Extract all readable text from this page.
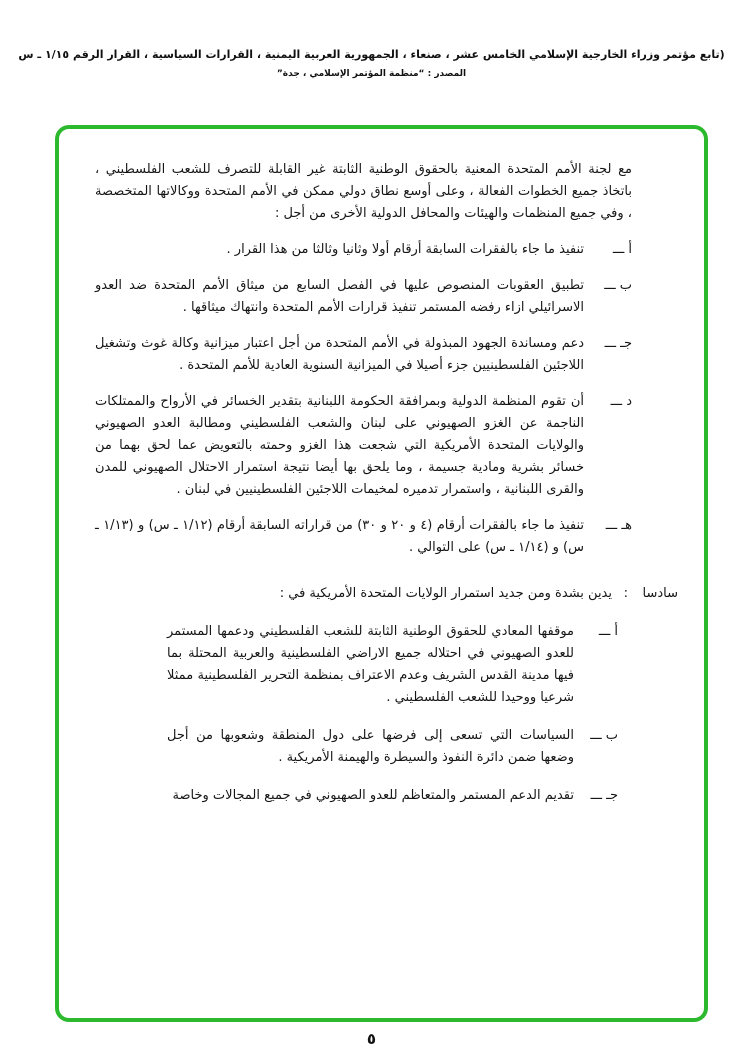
(تابع مؤتمر وزراء الخارجية الإسلامي الخامس عشر ، صنعاء ، الجمهورية العربية اليمنية ، القرارات السياسية ، القرار الرقم ١/١٥ ـ س
المصدر : “منظمة المؤتمر الإسلامي ، جدة”

مع لجنة الأمم المتحدة المعنية بالحقوق الوطنية الثابتة غير القابلة للتصرف للشعب الفلسطيني ، باتخاذ جميع الخطوات الفعالة ، وعلى أوسع نطاق دولي ممكن في الأمم المتحدة ووكالاتها المتخصصة ، وفي جميع المنظمات والهيئات والمحافل الدولية الأخرى من أجل :

أ ـــ
تنفيذ ما جاء بالفقرات السابقة أرقام أولا وثانيا وثالثا من هذا القرار .
ب ـــ
تطبيق العقوبات المنصوص عليها في الفصل السابع من ميثاق الأمم المتحدة ضد العدو الاسرائيلي ازاء رفضه المستمر تنفيذ قرارات الأمم المتحدة وانتهاك ميثاقها .
جـ ـــ
دعم ومساندة الجهود المبذولة في الأمم المتحدة من أجل اعتبار ميزانية وكالة غوث وتشغيل اللاجئين الفلسطينيين جزء أصيلا في الميزانية السنوية العادية للأمم المتحدة .
د ـــ
أن تقوم المنظمة الدولية وبمرافقة الحكومة اللبنانية بتقدير الخسائر في الأرواح والممتلكات الناجمة عن الغزو الصهيوني على لبنان والشعب الفلسطيني ومطالبة العدو الصهيوني والولايات المتحدة الأمريكية التي شجعت هذا الغزو وحمته بالتعويض عما لحق بهما من خسائر بشرية ومادية جسيمة ، وما يلحق بها أيضا نتيجة استمرار الاحتلال الصهيوني للمدن والقرى اللبنانية ، واستمرار تدميره لمخيمات اللاجئين الفلسطينيين في لبنان .
هـ ـــ
تنفيذ ما جاء بالفقرات أرقام (٤ و ٢٠ و ٣٠) من قراراته السابقة أرقام (١/١٢ ـ س) و (١/١٣ ـ س) و (١/١٤ ـ س) على التوالي .
سادسا
:
يدين بشدة ومن جديد استمرار الولايات المتحدة الأمريكية في :
أ ـــ
موقفها المعادي للحقوق الوطنية الثابتة للشعب الفلسطيني ودعمها المستمر للعدو الصهيوني في احتلاله جميع الاراضي الفلسطينية والعربية المحتلة بما فيها مدينة القدس الشريف وعدم الاعتراف بمنظمة التحرير الفلسطينية ممثلا شرعيا ووحيدا للشعب الفلسطيني .
ب ـــ
السياسات التي تسعى إلى فرضها على دول المنطقة وشعوبها من أجل وضعها ضمن دائرة النفوذ والسيطرة والهيمنة الأمريكية .
جـ ـــ
تقديم الدعم المستمر والمتعاظم للعدو الصهيوني في جميع المجالات وخاصة
٥
